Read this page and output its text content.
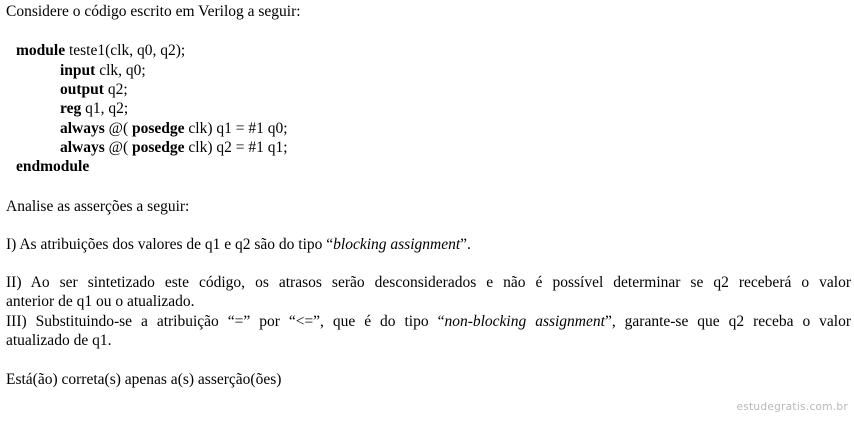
Considere o código escrito em Verilog a seguir:
module teste1(clk, q0, q2);
input clk, q0;
output q2;
reg q1, q2;
always @( posedge clk) q1 = #1 q0;
always @( posedge clk) q2 = #1 q1;
endmodule
Analise as asserções a seguir:
I) As atribuições dos valores de q1 e q2 são do tipo “blocking assignment”.
II) Ao ser sintetizado este código, os atrasos serão desconsiderados e não é possível determinar se q2 receberá o valor
anterior de q1 ou o atualizado.
III) Substituindo-se a atribuição “=” por “<=”, que é do tipo “non-blocking assignment”, garante-se que q2 receba o valor
atualizado de q1.
Está(ão) correta(s) apenas a(s) asserção(ões)
estudegratis.com.br
